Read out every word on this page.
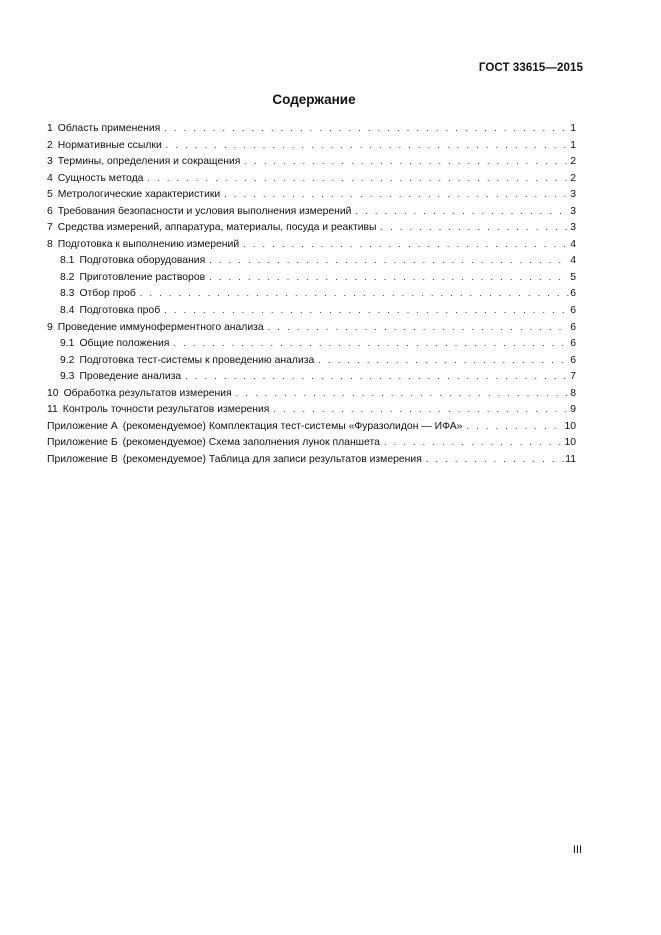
ГОСТ 33615—2015
Содержание
1 Область применения . . .	1
2 Нормативные ссылки . . .	1
3 Термины, определения и сокращения . . .	2
4 Сущность метода . . .	2
5 Метрологические характеристики . . .	3
6 Требования безопасности и условия выполнения измерений . . .	3
7 Средства измерений, аппаратура, материалы, посуда и реактивы . . .	3
8 Подготовка к выполнению измерений . . .	4
8.1 Подготовка оборудования . . .	4
8.2 Приготовление растворов . . .	5
8.3 Отбор проб . . .	6
8.4 Подготовка проб . . .	6
9 Проведение иммуноферментного анализа . . .	6
9.1 Общие положения . . .	6
9.2 Подготовка тест-системы к проведению анализа . . .	6
9.3 Проведение анализа . . .	7
10 Обработка результатов измерения . . .	8
11 Контроль точности результатов измерения . . .	9
Приложение А (рекомендуемое) Комплектация тест-системы «Фуразолидон — ИФА» . . .	10
Приложение Б (рекомендуемое) Схема заполнения лунок планшета . . .	10
Приложение В (рекомендуемое) Таблица для записи результатов измерения . . .	11
III
